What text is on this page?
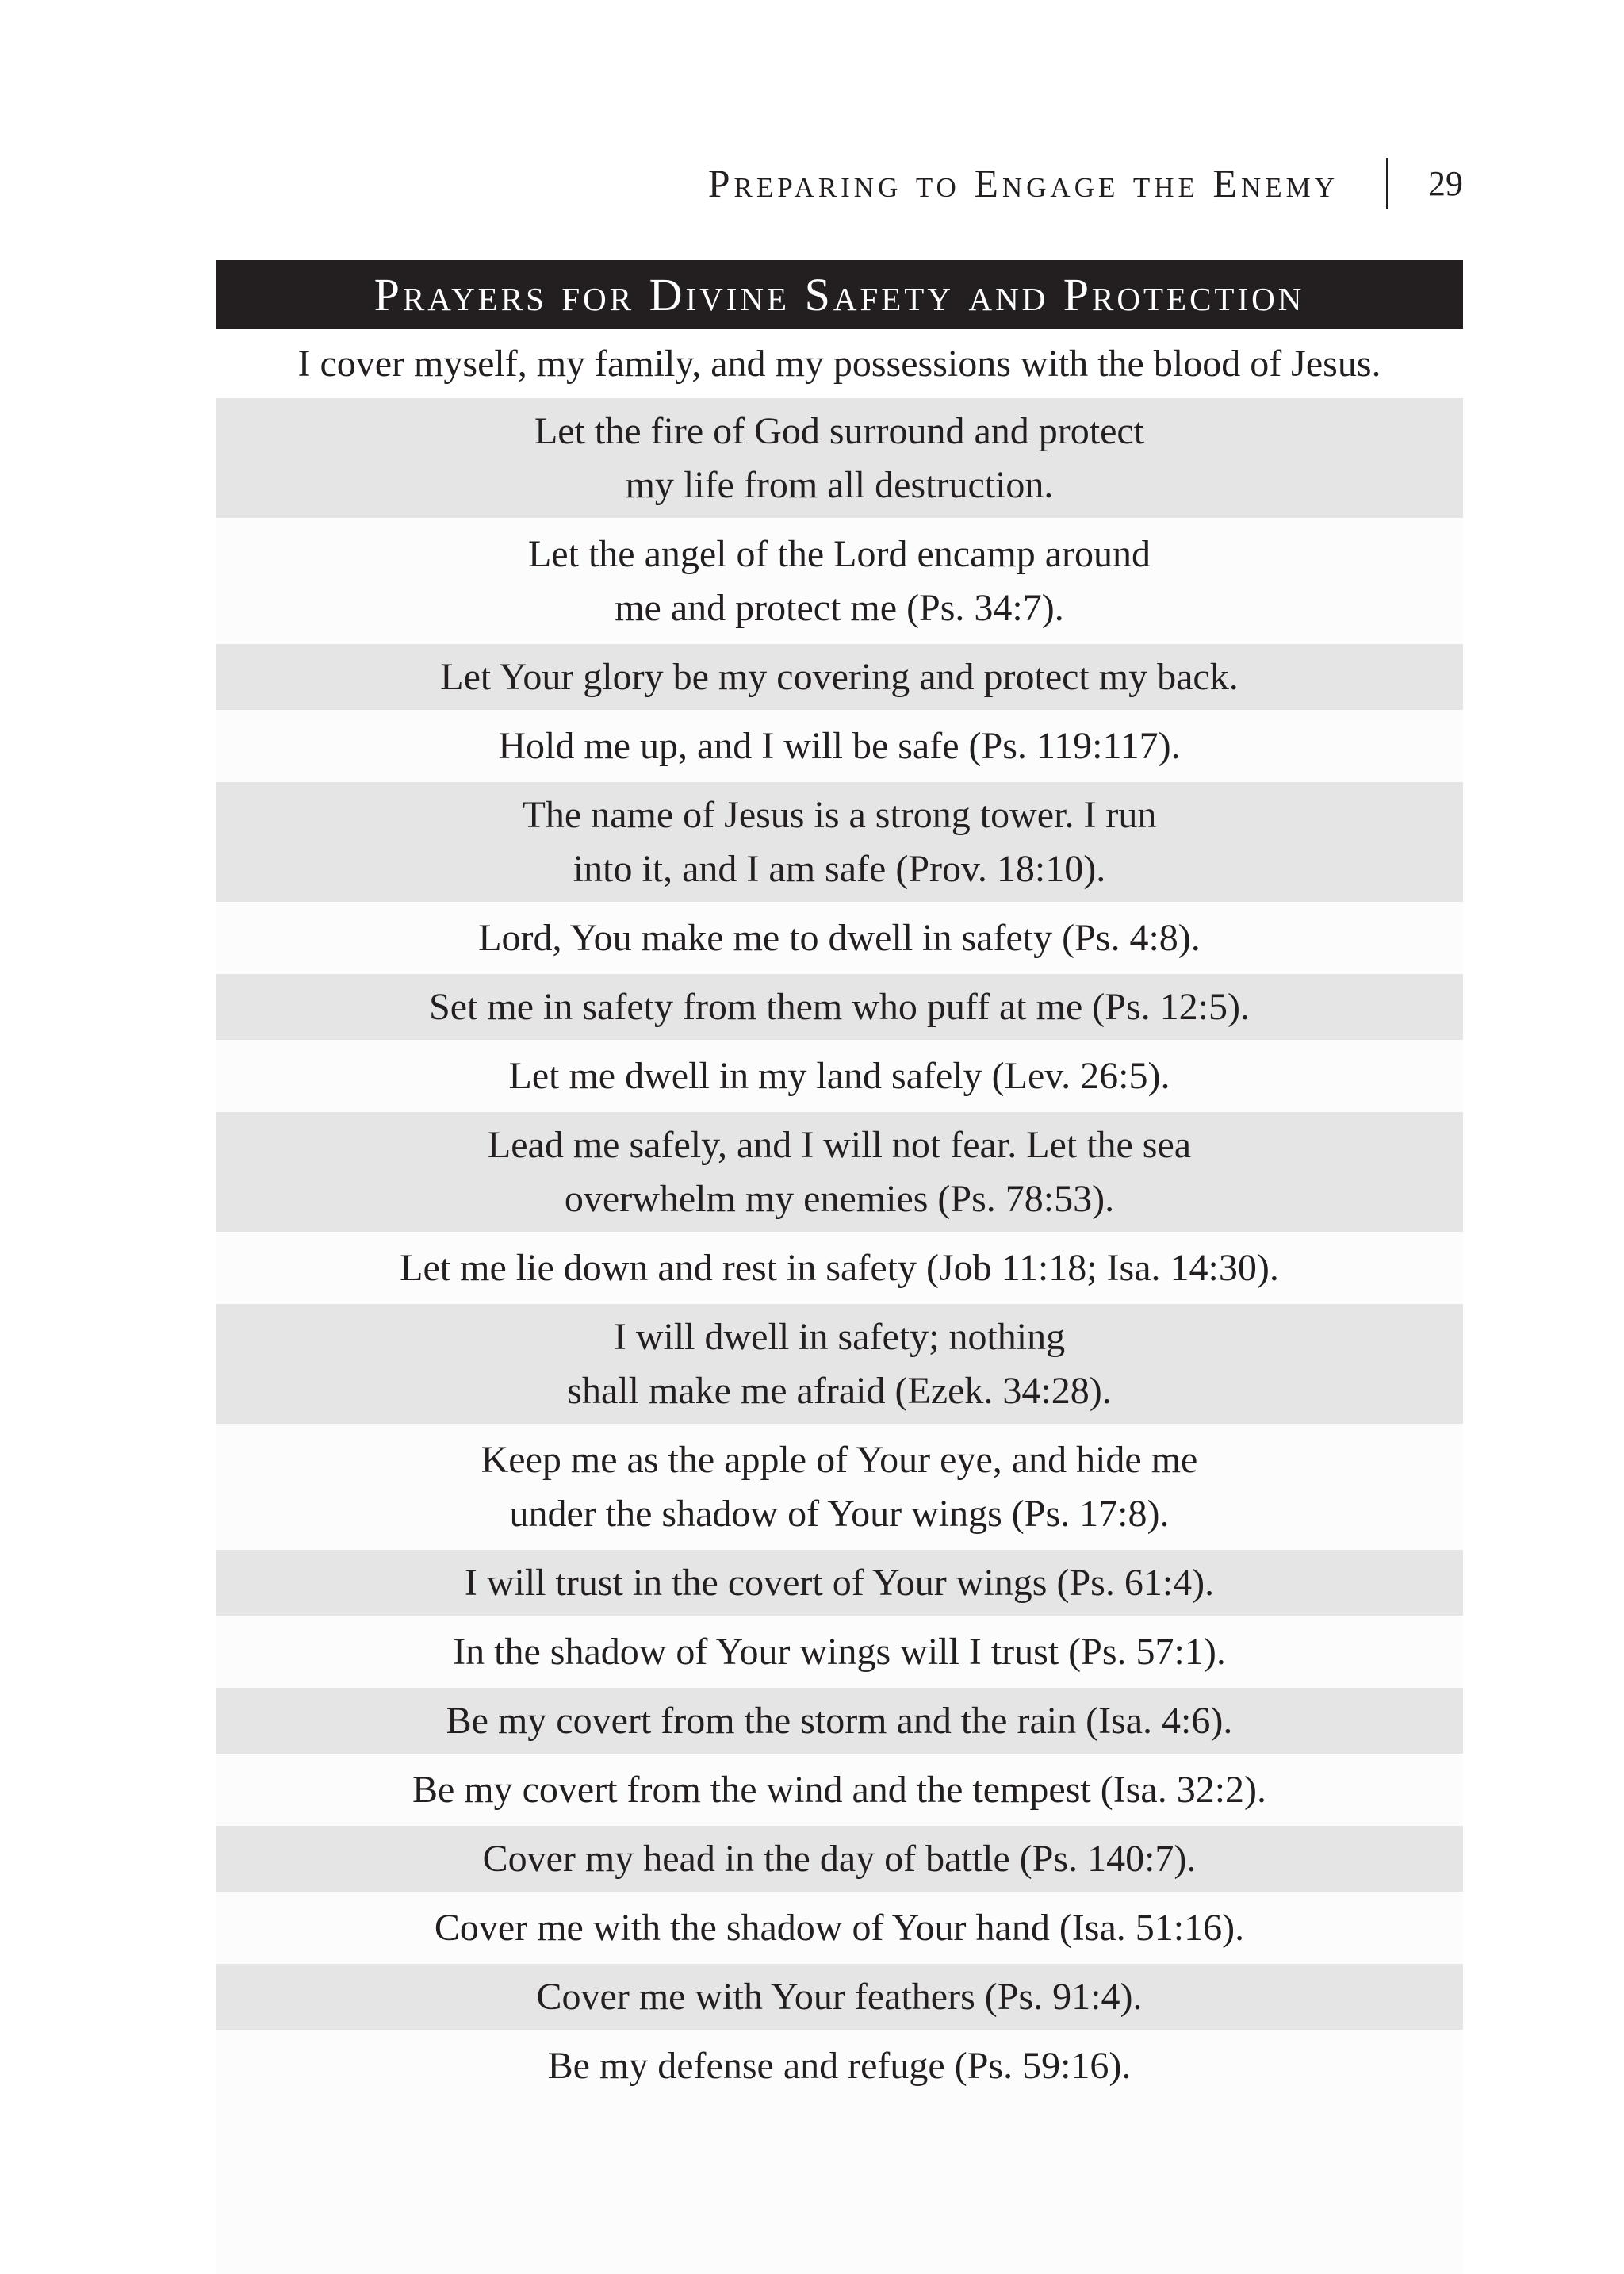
Preparing to Engage the Enemy	29
Prayers for Divine Safety and Protection
I cover myself, my family, and my possessions with the blood of Jesus.
Let the fire of God surround and protect
my life from all destruction.
Let the angel of the Lord encamp around
me and protect me (Ps. 34:7).
Let Your glory be my covering and protect my back.
Hold me up, and I will be safe (Ps. 119:117).
The name of Jesus is a strong tower. I run
into it, and I am safe (Prov. 18:10).
Lord, You make me to dwell in safety (Ps. 4:8).
Set me in safety from them who puff at me (Ps. 12:5).
Let me dwell in my land safely (Lev. 26:5).
Lead me safely, and I will not fear. Let the sea
overwhelm my enemies (Ps. 78:53).
Let me lie down and rest in safety (Job 11:18; Isa. 14:30).
I will dwell in safety; nothing
shall make me afraid (Ezek. 34:28).
Keep me as the apple of Your eye, and hide me
under the shadow of Your wings (Ps. 17:8).
I will trust in the covert of Your wings (Ps. 61:4).
In the shadow of Your wings will I trust (Ps. 57:1).
Be my covert from the storm and the rain (Isa. 4:6).
Be my covert from the wind and the tempest (Isa. 32:2).
Cover my head in the day of battle (Ps. 140:7).
Cover me with the shadow of Your hand (Isa. 51:16).
Cover me with Your feathers (Ps. 91:4).
Be my defense and refuge (Ps. 59:16).
